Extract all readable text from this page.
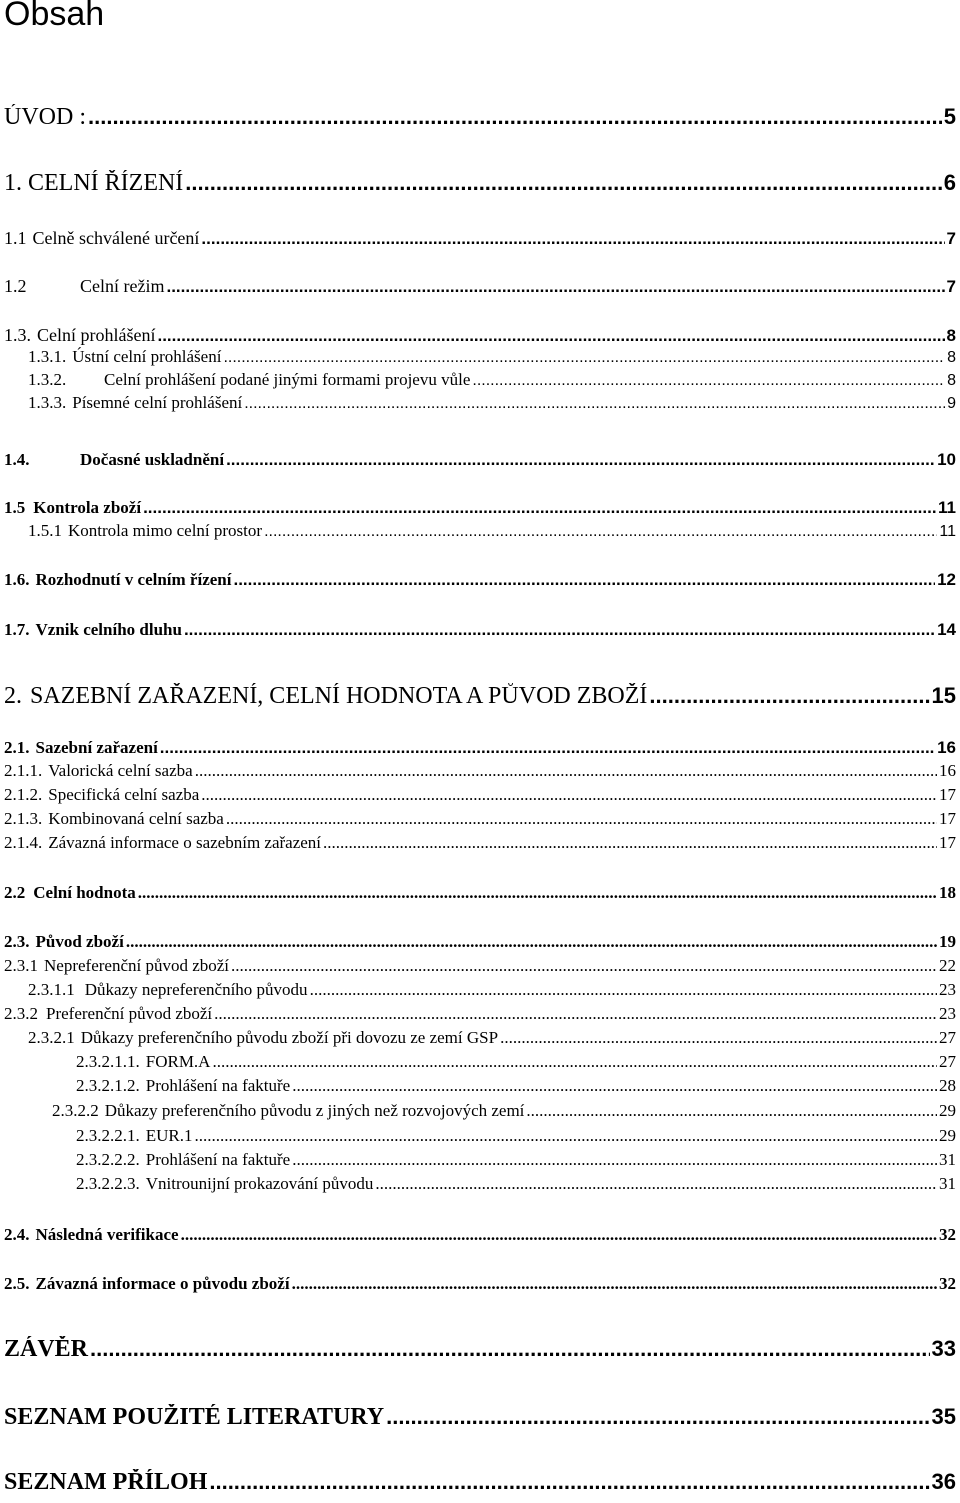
Obsah
ÚVOD : .....	5
1. CELNÍ ŘÍZENÍ .....	6
1.1 Celně schválené určení .....	7
1.2	Celní režim .....	7
1.3. Celní prohlášení .....	8
1.3.1. Ústní celní prohlášení .....	8
1.3.2. Celní prohlášení podané jinými formami projevu vůle .....	8
1.3.3. Písemné celní prohlášení .....	9
1.4.	Dočasné uskladnění .....	10
1.5 Kontrola zboží .....	11
1.5.1 Kontrola mimo celní prostor .....	11
1.6. Rozhodnutí v celním řízení .....	12
1.7. Vznik celního dluhu .....	14
2. SAZEBNÍ ZAŘAZENÍ, CELNÍ HODNOTA A PŮVOD ZBOŽÍ .....	15
2.1. Sazební zařazení .....	16
2.1.1. Valorická celní sazba .....	16
2.1.2. Specifická celní sazba .....	17
2.1.3. Kombinovaná celní sazba .....	17
2.1.4. Závazná informace o sazebním zařazení .....	17
2.2 Celní hodnota .....	18
2.3. Původ zboží .....	19
2.3.1 Nepreferenční původ zboží .....	22
2.3.1.1 Důkazy nepreferenčního původu .....	23
2.3.2 Preferenční původ zboží .....	23
2.3.2.1 Důkazy preferenčního původu zboží při dovozu ze zemí GSP .....	27
2.3.2.1.1. FORM.A .....	27
2.3.2.1.2. Prohlášení na faktuře .....	28
2.3.2.2 Důkazy preferenčního původu z jiných než rozvojových zemí .....	29
2.3.2.2.1. EUR.1 .....	29
2.3.2.2.2. Prohlášení na faktuře .....	31
2.3.2.2.3. Vnitrounijní prokazování původu .....	31
2.4. Následná verifikace .....	32
2.5. Závazná informace o původu zboží .....	32
ZÁVĚR .....	33
SEZNAM POUŽITÉ LITERATURY .....	35
SEZNAM PŘÍLOH .....	36
